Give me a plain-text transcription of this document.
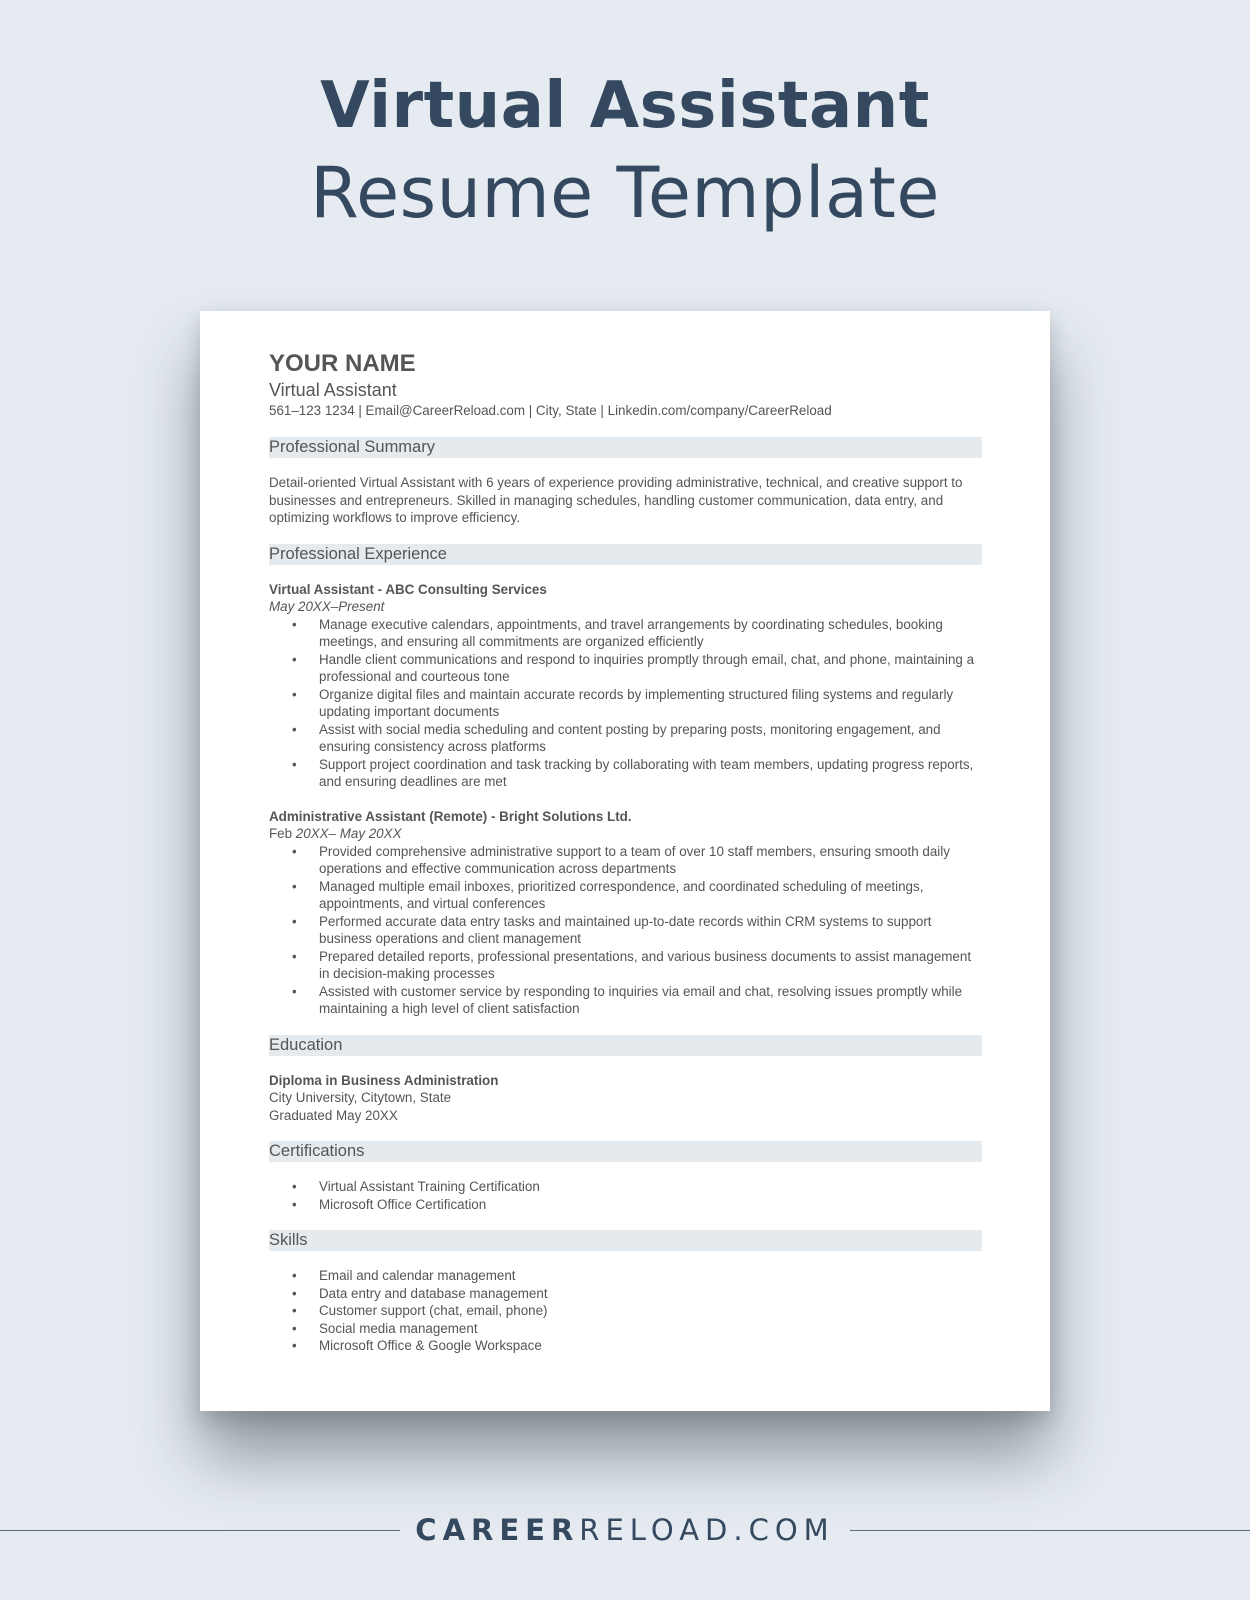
Virtual Assistant
Resume Template
YOUR NAME
Virtual Assistant
561–123 1234 | Email@CareerReload.com | City, State | Linkedin.com/company/CareerReload
Professional Summary
Detail-oriented Virtual Assistant with 6 years of experience providing administrative, technical, and creative support to businesses and entrepreneurs. Skilled in managing schedules, handling customer communication, data entry, and optimizing workflows to improve efficiency.
Professional Experience
Virtual Assistant - ABC Consulting Services
May 20XX–Present
• Manage executive calendars, appointments, and travel arrangements by coordinating schedules, booking meetings, and ensuring all commitments are organized efficiently
• Handle client communications and respond to inquiries promptly through email, chat, and phone, maintaining a professional and courteous tone
• Organize digital files and maintain accurate records by implementing structured filing systems and regularly updating important documents
• Assist with social media scheduling and content posting by preparing posts, monitoring engagement, and ensuring consistency across platforms
• Support project coordination and task tracking by collaborating with team members, updating progress reports, and ensuring deadlines are met
Administrative Assistant (Remote) - Bright Solutions Ltd.
Feb 20XX– May 20XX
• Provided comprehensive administrative support to a team of over 10 staff members, ensuring smooth daily operations and effective communication across departments
• Managed multiple email inboxes, prioritized correspondence, and coordinated scheduling of meetings, appointments, and virtual conferences
• Performed accurate data entry tasks and maintained up-to-date records within CRM systems to support business operations and client management
• Prepared detailed reports, professional presentations, and various business documents to assist management in decision-making processes
• Assisted with customer service by responding to inquiries via email and chat, resolving issues promptly while maintaining a high level of client satisfaction
Education
Diploma in Business Administration
City University, Citytown, State
Graduated May 20XX
Certifications
• Virtual Assistant Training Certification
• Microsoft Office Certification
Skills
• Email and calendar management
• Data entry and database management
• Customer support (chat, email, phone)
• Social media management
• Microsoft Office & Google Workspace
CAREERRELOAD.COM
